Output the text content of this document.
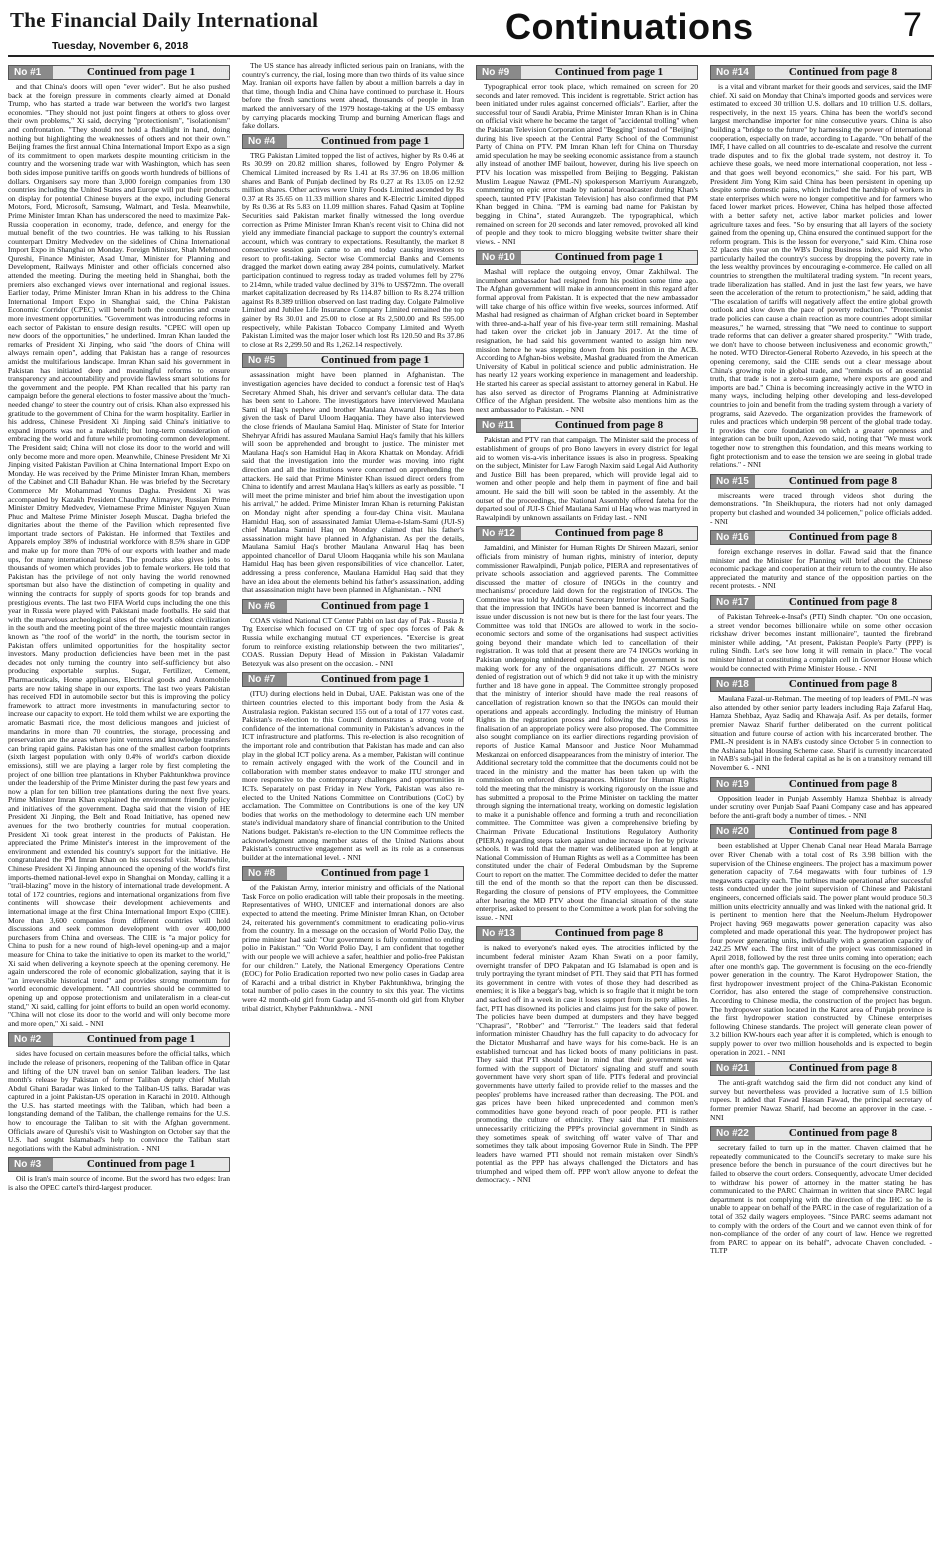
The Financial Daily International
Tuesday, November 6, 2018	Continuations	7
No #1	Continued from page 1
and that China's doors will open "ever wider". But he also pushed back at the foreign pressure in comments clearly aimed at Donald Trump, who has started a trade war between the world's two largest economies. "They should not just point fingers at others to gloss over their own problems," Xi said, decrying "protectionism", "isolationism" and confrontation. "They should not hold a flashlight in hand, doing nothing but highlighting the weaknesses of others and not their own." Beijing frames the first annual China International Import Expo as a sign of its commitment to open markets despite mounting criticism in the country and the worsening trade war with Washington, which has seen both sides impose punitive tariffs on goods worth hundreds of billions of dollars. Organisers say more than 3,000 foreign companies from 130 countries including the United States and Europe will put their products on display for potential Chinese buyers at the expo, including General Motors, Ford, Microsoft, Samsung, Walmart, and Tesla. Meanwhile, Prime Minister Imran Khan has underscored the need to maximize Pak-Russia cooperation in economy, trade, defence, and energy for the mutual benefit of the two countries. He was talking to his Russian counterpart Dmitry Medvedev on the sidelines of China International Import Expo in Shanghai on Monday. Foreign Minister, Shah Mehmood Qureshi, Finance Minister, Asad Umar, Minister for Planning and Development, Railways Minister and other officials concerned also attended the meeting. During the meeting held in Shanghai, both the premiers also exchanged views over international and regional issues. Earlier today, Prime Minister Imran Khan in his address to the China International Import Expo in Shanghai said, the China Pakistan Economic Corridor (CPEC) will benefit both the countries and create more investment opportunities. "Government was introducing reforms in each sector of Pakistan to ensure design results. "CPEC will open up new doors of the opportunities," he underlined. Imran Khan lauded the remarks of President Xi Jinping, who said "the doors of China will always remain open", adding that Pakistan has a range of resources amidst the multifarious landscape. Imran Khan said his government in Pakistan has initiated deep and meaningful reforms to ensure transparency and accountability and provide flawless smart solutions for the government and the people. PM Khan recalled that his party ran campaign before the general elections to foster massive about the 'much-needed change' to steer the country out of crisis. Khan also expressed his gratitude to the government of China for the warm hospitality. Earlier in his address, Chinese President Xi Jinping said China's initiative to expand imports was not a makeshift; but long-term consideration of embracing the world and future while promoting common development. The President said; China will not close its door to the world and will only become more and more open. Meanwhile, Chinese President Mr Xi Jinping visited Pakistan Pavilion at China International Import Expo on Monday. He was received by the Prime Minister Imran Khan, members of the Cabinet and CII Bahadur Khan. He was briefed by the Secretary Commerce Mr Mohammad Younus Dagha. President Xi was accompanied by Kazakh President Chaudhry Alimayev, Russian Prime Minister Dmitry Medvedev, Vietnamese Prime Minister Nguyen Xuan Phuc and Maltese Prime Minister Joseph Muscat. Dagha briefed the dignitaries about the theme of the Pavilion which represented five important trade sectors of Pakistan. He informed that Textiles and Apparels employ 38% of industrial workforce with 8.5% share in GDP and make up for more than 70% of our exports with leather and made ups, for many international brands. The products also gives jobs to thousands of women which provides job to female workers. He told that Pakistan has the privilege of not only having the world renowned sportsman but also have the distinction of competing in quality and winning the contracts for supply of sports goods for top brands and prestigious events. The last two FIFA World cups including the one this year in Russia were played with Pakistani made footballs. He said that with the marvelous archeological sites of the world's oldest civilization in the south and the meeting point of the three majestic mountain ranges known as "the roof of the world" in the north, the tourism sector in Pakistan offers unlimited opportunities for the hospitality sector investors. Many production deficiencies have been met in the past decades not only turning the country into self-sufficiency but also producing exportable surplus. Sugar, Fertilizer, Cement, Pharmaceuticals, Home appliances, Electrical goods and Automobile parts are now taking shape in our exports. The last two years Pakistan has received FDI in automobile sector but this is improving the policy framework to attract more investments in manufacturing sector to increase our capacity to export. He told them whilst we are exporting the aromatic Basmati rice, the most delicious mangoes and juiciest of mandarins in more than 70 countries, the storage, processing and preservation are the areas where joint ventures and knowledge transfers can bring rapid gains. Pakistan has one of the smallest carbon footprints (sixth largest population with only 0.4% of world's carbon dioxide emissions), still we are playing a larger role by first completing the project of one billion tree plantations in Khyber Pakhtunkhwa province under the leadership of the Prime Minister during the past few years and now a plan for ten billion tree plantations during the next five years. Prime Minister Imran Khan explained the environment friendly policy and initiatives of the government. Dagha said that the vision of HE President Xi Jinping, the Belt and Road Initiative, has opened new avenues for the two brotherly countries for mutual cooperation. President Xi took great interest in the products of Pakistan. He appreciated the Prime Minister's interest in the improvement of the environment and extended his country's support for the initiative. He congratulated the PM Imran Khan on his successful visit. Meanwhile, Chinese President Xi Jinping announced the opening of the world's first imports-themed national-level expo in Shanghai on Monday, calling it a "trail-blazing" move in the history of international trade development. A total of 172 countries, regions and international organizations from five continents will showcase their development achievements and international image at the first China International Import Expo (CIIE). More than 3,600 companies from different countries will hold discussions and seek common development with over 400,000 purchasers from China and overseas. The CIIE is "a major policy for China to push for a new round of high-level opening-up and a major measure for China to take the initiative to open its market to the world," Xi said when delivering a keynote speech at the opening ceremony. He again underscored the role of economic globalization, saying that it is "an irreversible historical trend" and provides strong momentum for world economic development. "All countries should be committed to opening up and oppose protectionism and unilateralism in a clear-cut stand," Xi said, calling for joint efforts to build an open world economy. "China will not close its door to the world and will only become more and more open," Xi said. - NNI
No #2	Continued from page 1
sides have focused on certain measures before the official talks, which include the release of prisoners, reopening of the Taliban office in Qatar and lifting of the UN travel ban on senior Taliban leaders. The last month's release by Pakistan of former Taliban deputy chief Mullah Abdul Ghani Baradar was linked to the Taliban-US talks. Baradar was captured in a joint Pakistan-US operation in Karachi in 2010. Although the U.S. has started meetings with the Taliban, which had been a longstanding demand of the Taliban, the challenge remains for the U.S. how to encourage the Taliban to sit with the Afghan government. Officials aware of Qureshi's visit to Washington on October say that the U.S. had sought Islamabad's help to convince the Taliban start negotiations with the Kabul administration. - NNI
No #3	Continued from page 1
Oil is Iran's main source of income. But the sword has two edges: Iran is also the OPEC cartel's third-largest producer.
The US stance has already inflicted serious pain on Iranians, with the country's currency, the rial, losing more than two thirds of its value since May. Iranian oil exports have fallen by about a million barrels a day in that time, though India and China have continued to purchase it. Hours before the fresh sanctions went ahead, thousands of people in Iran marked the anniversary of the 1979 hostage-taking at the US embassy by carrying placards mocking Trump and burning American flags and fake dollars.
No #4	Continued from page 1
TRG Pakistan Limited topped the list of actives, higher by Rs 0.46 at Rs 30.99 on 20.82 million shares, followed by Engro Polymer & Chemical Limited increased by Rs 1.41 at Rs 37.96 on 18.06 million shares and Bank of Punjab declined by Rs 0.27 at Rs 13.05 on 12.92 million shares. Other actives were Unity Foods Limited ascended by Rs 0.37 at Rs 35.65 on 11.33 million shares and K-Electric Limited dipped by Rs 0.36 at Rs 5.83 on 11.09 million shares. Fahad Qasim at Topline Securities said Pakistan market finally witnessed the long overdue correction as Prime Minister Imran Khan's recent visit to China did not yield any immediate financial package to support the country's external account, which was contrary to expectations. Resultantly, the market 8 consecutive session gain came to an end today causing investors to resort to profit-taking. Sector wise Commercial Banks and Cements dragged the market down eating away 284 points, cumulatively. Market participation continued to regress today as traded volumes fell by 27% to 214mn, while traded value declined by 31% to US$72mn. The overall market capitalization decreased by Rs 114.87 billion to Rs 8.274 trillion against Rs 8.389 trillion observed on last trading day. Colgate Palmolive Limited and Jubilee Life Insurance Company Limited remained the top gainer by Rs 30.01 and 25.00 to close at Rs 2,500.00 and Rs 595.00 respectively, while Pakistan Tobacco Company Limited and Wyeth Pakistan Limited was the major loser which lost Rs 120.50 and Rs 37.86 to close at Rs 2,299.50 and Rs 1,262.14 respectively.
No #5	Continued from page 1
assassination might have been planned in Afghanistan. The investigation agencies have decided to conduct a forensic test of Haq's Secretary Ahmed Shah, his driver and servant's cellular data. The data has been sent to Lahore. The investigators have interviewed Maulana Sami ul Haq's nephew and brother Maulana Anwarul Haq has been given the task of Darul Uloom Haqqania. They have also interviewed the close friends of Maulana Samiul Haq. Minister of State for Interior Shehryar Afridi has assured Maulana Samiul Haq's family that his killers will soon be apprehended and brought to justice. The minister met Maulana Haq's son Hamidul Haq in Akora Khattak on Monday. Afridi said that the investigation into the murder was moving into right direction and all the institutions were concerned on apprehending the attackers. He said that Prime Minister Khan issued direct orders from China to identify and arrest Maulana Haq's killers as early as possible. "I will meet the prime minister and brief him about the investigation upon his arrival," he added. Prime Minister Imran Khan is returning Pakistan on Monday night after spending a four-day China visit. Maulana Hamidul Haq, son of assassinated Jamiat Ulema-e-Islam-Sami (JUI-S) chief Maulana Samiul Haq on Monday claimed that his father's assassination might have planned in Afghanistan. As per the details, Maulana Samiul Haq's brother Maulana Anwarul Haq has been appointed chancellor of Darul Uloom Haqqania while his son Maulana Hamidul Haq has been given responsibilities of vice chancellor. Later, addressing a press conference, Maulana Hamidul Haq said that they have an idea about the elements behind his father's assassination, adding that assassination might have been planned in Afghanistan. - NNI
No #6	Continued from page 1
COAS visited National CT Center Pabbi on last day of Pak - Russia Jt Trg Exercise which focused on CT trg of spec ops forces of Pak & Russia while exchanging mutual CT experiences. "Exercise is great forum to reinforce existing relationship between the two militaries", COAS. Russian Deputy Head of Mission in Pakistan Valadamir Betezyuk was also present on the occasion. - NNI
No #7	Continued from page 1
(ITU) during elections held in Dubai, UAE. Pakistan was one of the thirteen countries elected to this important body from the Asia & Australasia region. Pakistan secured 155 out of a total of 177 votes cast. Pakistan's re-election to this Council demonstrates a strong vote of confidence of the international community in Pakistan's advances in the ICT infrastructure and platforms. This re-election is also recognition of the important role and contribution that Pakistan has made and can also play in the global ICT policy arena. As a member, Pakistan will continue to remain actively engaged with the work of the Council and in collaboration with member states endeavor to make ITU stronger and more responsive to the contemporary challenges and opportunities in ICTs. Separately on past Friday in New York, Pakistan was also re-elected to the United Nations Committee on Contributions (CoC) by acclamation. The Committee on Contributions is one of the key UN bodies that works on the methodology to determine each UN member state's individual mandatory share of financial contribution to the United Nations budget. Pakistan's re-election to the UN Committee reflects the acknowledgment among member states of the United Nations about Pakistan's constructive engagement as well as its role as a consensus builder at the international level. - NNI
No #8	Continued from page 1
of the Pakistan Army, interior ministry and officials of the National Task Force on polio eradication will table their proposals in the meeting. Representatives of WHO, UNICEF and international donors are also expected to attend the meeting. Prime Minister Imran Khan, on October 24, reiterated his government's commitment to eradicating polio-virus from the country. In a message on the occasion of World Polio Day, the prime minister had said: "Our government is fully committed to ending polio in Pakistan." "On World Polio Day, I am confident that together with our people we will achieve a safer, healthier and polio-free Pakistan for our children." Lately, the National Emergency Operations Centre (EOC) for Polio Eradication reported two new polio cases in Gadap area of Karachi and a tribal district in Khyber Pakhtunkhwa, bringing the total number of polio cases in the country to six this year. The victims were 42 month-old girl from Gadap and 55-month old girl from Khyber tribal district, Khyber Pakhtunkhwa. - NNI
No #9	Continued from page 1
Typographical error took place, which remained on screen for 20 seconds and later removed. This incident is regrettable. Strict action has been initiated under rules against concerned officials". Earlier, after the successful tour of Saudi Arabia, Prime Minister Imran Khan is in China on official visit where he became the target of "accidental trolling" when the Pakistan Television Corporation aired "Begging" instead of "Beijing" during his live speech at the Central Party School of the Communist Party of China on PTV. PM Imran Khan left for China on Thursday amid speculation he may be seeking economic assistance from a staunch ally instead of another IMF bailout, however, during his live speech on PTV his location was misspelled from Beijing to Begging. Pakistan Muslim League Nawaz (PML-N) spokesperson Marriyum Aurangzeb, commenting on epic error made by national broadcaster during Khan's speech, taunted PTV [Pakistan Television] has also confirmed that PM Khan begged in China. "PM is earning bad name for Pakistan by begging in China", stated Aurangzeb. The typographical, which remained on screen for 20 seconds and later removed, provoked all kind of people and they took to micro blogging website twitter share their views. - NNI
No #10	Continued from page 1
Mashal will replace the outgoing envoy, Omar Zakhilwal. The incumbent ambassador had resigned from his position some time ago. The Afghan government will make in announcement in this regard after formal approval from Pakistan. It is expected that the new ambassador will take charge of his office within five weeks, sources informed. Atif Mashal had resigned as chairman of Afghan cricket board in September with three-and-a-half year of his five-year term still remaining. Mashal had taken over the cricket job in January 2017. At the time of resignation, he had said his government wanted to assign him new mission hence he was stepping down from his position in the ACB. According to Afghan-bios website, Mashal graduated from the American University of Kabul in political science and public administration. He has nearly 12 years working experience in management and leadership. He started his career as special assistant to attorney general in Kabul. He has also served as director of Programs Planning at Administrative Office of the Afghan president. The website also mentions him as the next ambassador to Pakistan. - NNI
No #11	Continued from page 8
Pakistan and PTV ran that campaign. The Minister said the process of establishment of groups of pro Bono lawyers in every district for legal aid to women vis-a-vis inheritance issues is also in progress. Speaking on the subject, Minister for Law Farogh Naxim said Legal Aid Authority and Justice Bill has been prepared, which will provide legal aid to women and other people and help them in payment of fine and bail amount. He said the bill will soon be tabled in the assembly. At the outset of the proceedings, the National Assembly offered fateha for the departed soul of JUI-S Chief Maulana Sami ul Haq who was martyred in Rawalpindi by unknown assailants on Friday last. - NNI
No #12	Continued from page 8
Jamaldini, and Minister for Human Rights Dr Shireen Mazari, senior officials from ministry of human rights, ministry of interior, deputy commissioner Rawalpindi, Punjab police, PIERA and representatives of private schools association and aggrieved parents. The Committee discussed the matter of closure of INGOs in the country and mechanisms/ procedure laid down for the registration of INGOs. The Committee was told by Additional Secretary Interior Mohammad Sadiq that the impression that INGOs have been banned is incorrect and the issue under discussion is not new but is there for the last four years. The Committee was told that INGOs are allowed to work in the socio-economic sectors and some of the organisations had suspect activities going beyond their mandate which led to cancellation of their registration. It was told that at present there are 74 INGOs working in Pakistan undergoing unhindered operations and the government is not making work for any of the organisations difficult. 27 NGOs were denied of registration out of which 9 did not take it up with the ministry further and 18 have gone in appeal. The Committee strongly proposed that the ministry of interior should have made the real reasons of cancellation of registration known so that the INGOs can mould their operations and appeals accordingly. Including the ministry of Human Rights in the registration process and following the due process in finalisation of an appropriate policy were also proposed. The Committee also sought compliance on its earlier directions regarding provision of reports of Justice Kamal Mansoor and Justice Noor Muhammad Meskanzai on enforced disappearances from the ministry of interior. The Additional secretary told the committee that the documents could not be traced in the ministry and the matter has been taken up with the commission on enforced disappearances. Minister for Human Rights told the meeting that the ministry is working rigorously on the issue and has submitted a proposal to the Prime Minister on tackling the matter through signing the international treaty, working on domestic legislation to make it a punishable offence and forming a truth and reconciliation committee. The Committee was given a comprehensive briefing by Chairman Private Educational Institutions Regulatory Authority (PIERA) regarding steps taken against undue increase in fee by private schools. It was told that the matter was deliberated upon at length at National Commission of Human Rights as well as a Committee has been constituted under the chair of Federal Ombudsman by the Supreme Court to report on the matter. The Committee decided to defer the matter till the end of the month so that the report can then be discussed. Regarding the closure of pensions of PTV employees, the Committee after hearing the MD PTV about the financial situation of the state enterprise, asked to present to the Committee a work plan for solving the issue. - NNI
No #13	Continued from page 8
is naked to everyone's naked eyes. The atrocities inflicted by the incumbent federal minister Azam Khan Swati on a poor family, overnight transfer of DPO Pakpatan and IG Islamabad is open and is truly portraying the tyrant mindset of PTI. They said that PTI has formed its government in centre with votes of those they had described as enemies; it is like a beggar's bag, which is so fragile that it might be torn and sacked off in a week in case it loses support from its petty allies. In fact, PTI has disowned its policies and claims just for the sake of power. The policies have been dumped at dumpsters and they have begged "Chaprasi", "Robber" and "Terrorist." The leaders said that federal information minister Chaudhry has the full capacity to do advocacy for the Dictator Musharraf and have ways for his come-back. He is an established turncoat and has licked boots of many politicians in past. They said that PTI should bear in mind that their government was formed with the support of Dictators' signaling and stuff and south government have very short span of life. PTI's federal and provincial governments have utterly failed to provide relief to the masses and the peoples' problems have increased rather than decreasing. The POL and gas prices have been hiked unprecedented and common men's commodities have gone beyond reach of poor people. PTI is rather promoting the culture of ethnicity. They said that PTI ministers unnecessarily criticizing the PPP's provincial government in Sindh as they sometimes speak of switching off water valve of Thar and sometimes they talk about imposing Governor Rule in Sindh. The PPP leaders have warned PTI should not remain mistaken over Sindh's potential as the PPP has always challenged the Dictators and has triumphed and wiped them off. PPP won't allow anyone to defeat the democracy. - NNI
No #14	Continued from page 8
is a vital and vibrant market for their goods and services, said the IMF chief. Xi said on Monday that China's imported goods and services were estimated to exceed 30 trillion U.S. dollars and 10 trillion U.S. dollars, respectively, in the next 15 years. China has been the world's second largest merchandise importer for nine consecutive years. China is also building a "bridge to the future" by harnessing the power of international cooperation, especially on trade, according to Lagarde. "On behalf of the IMF, I have called on all countries to de-escalate and resolve the current trade disputes and to fix the global trade system, not destroy it. To achieve these goals, we need more international cooperation, not less - and that goes well beyond economics," she said. For his part, WB President Jim Yong Kim said China has been persistent in opening up despite some domestic pains, which included the hardship of workers in state enterprises which were no longer competitive and for farmers who faced lower market prices. However, China has helped those affected with a better safety net, active labor market policies and lower agriculture taxes and fees. "So by ensuring that all layers of the society gained from the opening up, China ensured the continued support for the reform program. This is the lesson for everyone," said Kim. China rose 32 places this year on the WB's Doing Business index, said Kim, who particularly hailed the country's success by dropping the poverty rate in the less wealthy provinces by encouraging e-commerce. He called on all countries to strengthen the multilateral trading system. "In recent years, trade liberalization has stalled. And in just the last few years, we have seen the acceleration of the return to protectionism," he said, adding that "The escalation of tariffs will negatively affect the entire global growth outlook and slow down the pace of poverty reduction." "Protectionist trade policies can cause a chain reaction as more countries adopt similar measures," he warned, stressing that "We need to continue to support trade reforms that can deliver a greater shared prosperity." "With trade, we don't have to choose between inclusiveness and economic growth," he noted. WTO Director-General Roberto Azevedo, in his speech at the opening ceremony, said the CIIE sends out a clear message about China's growing role in global trade, and "reminds us of an essential truth, that trade is not a zero-sum game, where exports are good and imports are bad." China is becoming increasingly active in the WTO in many ways, including helping other developing and less-developed countries to join and benefit from the trading system through a variety of programs, said Azevedo. The organization provides the framework of rules and practices which underpin 98 percent of the global trade today. It provides the core foundation on which a greater openness and integration can be built upon, Azevedo said, noting that "We must work together now to strengthen this foundation, and this means working to fight protectionism and to ease the tension we are seeing in global trade relations." - NNI
No #15	Continued from page 8
miscreants were traced through videos shot during the demonstrations. "In Sheikhupura, the rioters had not only damaged property but clashed and wounded 34 policemen," police officials added. - NNI
No #16	Continued from page 8
foreign exchange reserves in dollar. Fawad said that the finance minister and the Minister for Planning will brief about the Chinese economic package and cooperation at their return to the country. He also appreciated the maturity and stance of the opposition parties on the recent protests. - NNI
No #17	Continued from page 8
of Pakistan Tehreek-e-Insaf's (PTI) Sindh chapter. "On one occasion, a street vendor becomes billionaire while on some other occasion rickshaw driver becomes instant millionaire", taunted the firebrand minister while adding, "At present, Pakistan People's Party (PPP) is ruling Sindh. Let's see how long it will remain in place." The vocal minister hinted at constituting a complain cell in Governor House which would be connected with Prime Minister House. - NNI
No #18	Continued from page 8
Maulana Fazal-ur-Rehman. The meeting of top leaders of PML-N was also attended by other senior party leaders including Raja Zafarul Haq, Hamza Shehbaz, Ayaz Sadiq and Khawaja Asif. As per details, former premier Nawaz Sharif further deliberated on the current political situation and future course of action with his incarcerated brother. The PML-N president is in NAB's custody since October 5 in connection to the Ashiana Iqbal Housing Scheme case. Sharif is currently incarcerated in NAB's sub-jail in the federal capital as he is on a transitory remand till November 6. - NNI
No #19	Continued from page 8
Opposition leader in Punjab Assembly Hamza Shehbaz is already under scrutiny over Punjab Saaf Paani Company case and has appeared before the anti-graft body a number of times. - NNI
No #20	Continued from page 8
been established at Upper Chenab Canal near Head Marala Barrage over River Chenab with a total cost of Rs 3.98 billion with the supervision of the Chinese engineers. The project has a maximum power generation capacity of 7.64 megawatts with four turbines of 1.9 megawatts capacity each. The turbines made operational after successful tests conducted under the joint supervision of Chinese and Pakistani engineers, concerned officials said. The power plant would produce 50.3 million units electricity annually and was linked with the national grid. It is pertinent to mention here that the Neelum-Jhelum Hydropower Project having 969 megawatts power generation capacity was also completed and made operational this year. The hydropower project has four power generating units, individually with a generation capacity of 242.25 MW each. The first unit of the project was commissioned in April 2018, followed by the rest three units coming into operation; each after one month's gap. The government is focusing on the eco-friendly power generation in the country. The Karot Hydropower Station, the first hydropower investment project of the China-Pakistan Economic Corridor, has also entered the stage of comprehensive construction. According to Chinese media, the construction of the project has begun. The hydropower station located in the Karot area of Punjab province is the first hydropower station constructed by Chinese enterprises following Chinese standards. The project will generate clean power of 3.2 billion KW-hours each year after it is completed, which is enough to supply power to over two million households and is expected to begin operation in 2021. - NNI
No #21	Continued from page 8
The anti-graft watchdog said the firm did not conduct any kind of survey but nevertheless was provided a lucrative sum of 1.5 billion rupees. It added that Fawad Hassan Fawad, the principal secretary of former premier Nawaz Sharif, had become an approver in the case. - NNI
No #22	Continued from page 8
secretary failed to turn up in the matter. Chaven claimed that he repeatedly communicated to the Council's secretary to make sure his presence before the bench in pursuance of the court directives but he failed to observe the court orders. Consequently, advocate Umer decided to withdraw his power of attorney in the matter stating he has communicated to the PARC Chairman in written that since PARC legal department is not complying with the direction of the IHC so he is unable to appear on behalf of the PARC in the case of regularization of a total of 352 daily wagers employees. "Since PARC seems adamant not to comply with the orders of the Court and we cannot even think of for non-compliance of the order of any court of law. Hence we regretted from PARC to appear on its behalf", advocate Chaven concluded. - TLTP
